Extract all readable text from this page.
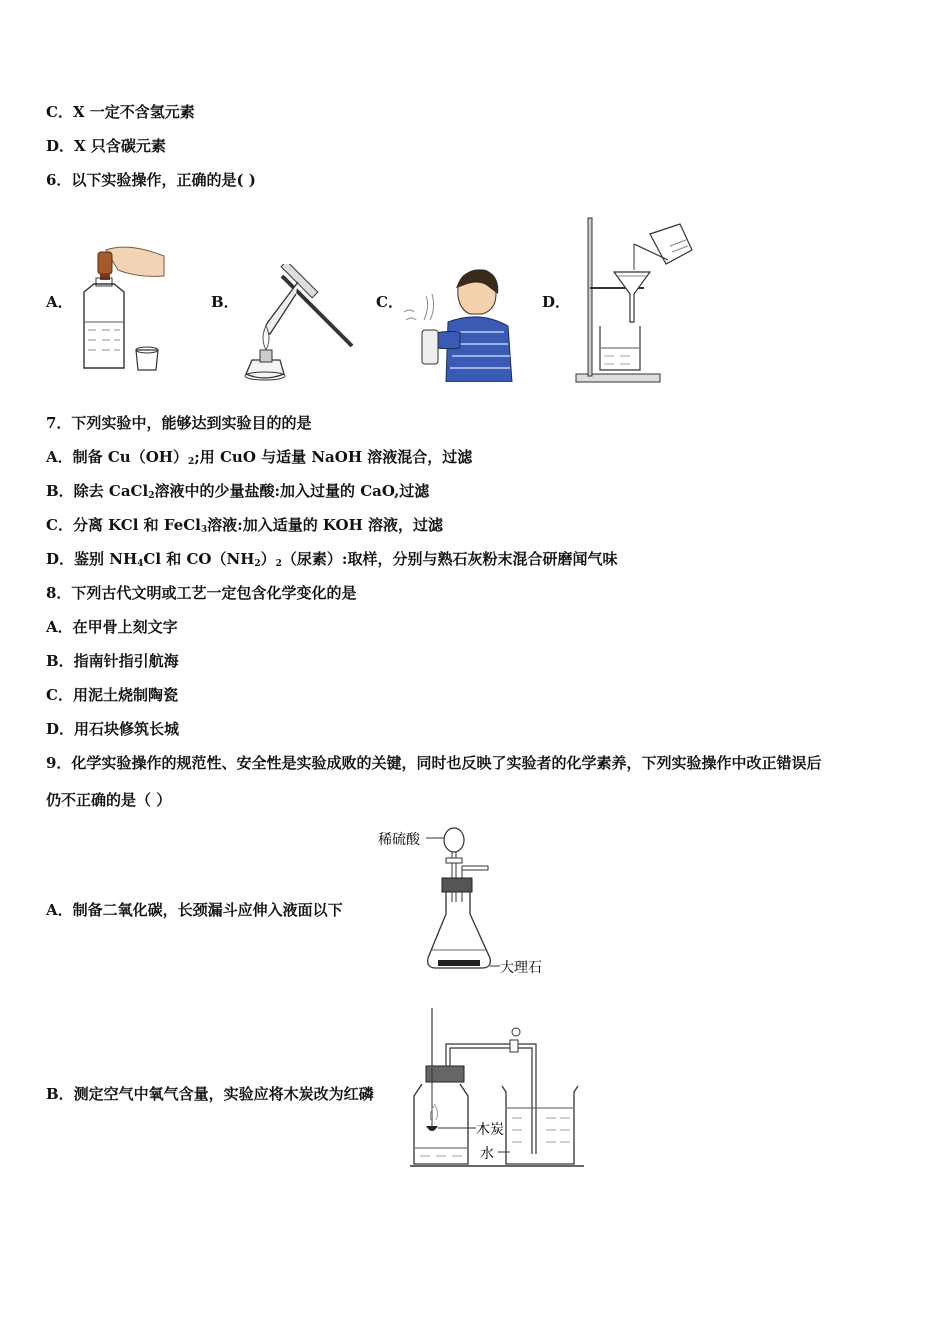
C．X 一定不含氢元素
D．X 只含碳元素
6．以下实验操作，正确的是( )
A．	B．	C．	D．
7．下列实验中，能够达到实验目的的是
A．制备 $Cu(OH)_2$;用 CuO 与适量 NaOH 溶液混合，过滤
B．除去 CaCl$_2$溶液中的少量盐酸:加入过量的 CaO,过滤
C．分离 KCl 和 FeCl$_3$溶液:加入适量的 KOH 溶液，过滤
D．鉴别 $NH_4Cl$ 和 $CO(NH_2)_2$（尿素）:取样，分别与熟石灰粉末混合研磨闻气味
8．下列古代文明或工艺一定包含化学变化的是
A．在甲骨上刻文字
B．指南针指引航海
C．用泥土烧制陶瓷
D．用石块修筑长城
9．化学实验操作的规范性、安全性是实验成败的关键，同时也反映了实验者的化学素养，下列实验操作中改正错误后
仍不正确的是（ ）
A．制备二氧化碳，长颈漏斗应伸入液面以下
稀硫酸
大理石
B．测定空气中氧气含量，实验应将木炭改为红磷
木炭
水
